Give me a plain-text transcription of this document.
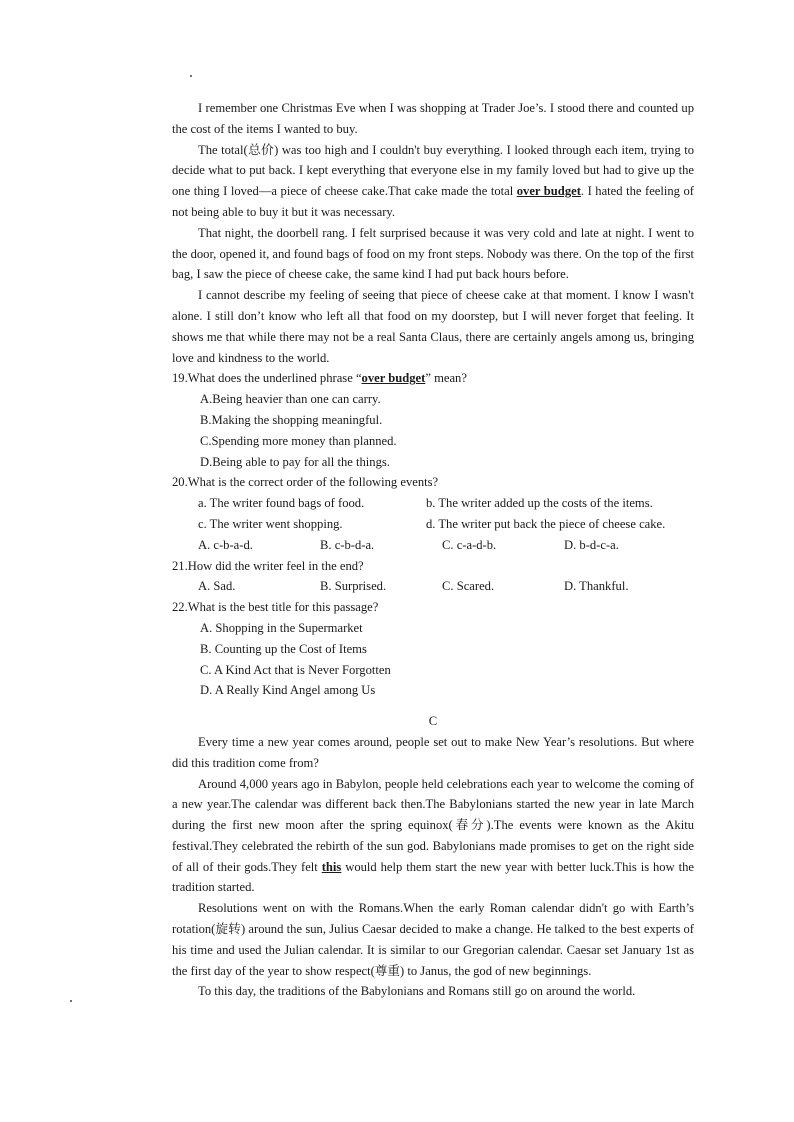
I remember one Christmas Eve when I was shopping at Trader Joe’s. I stood there and counted up the cost of the items I wanted to buy.

The total(总价) was too high and I couldn't buy everything. I looked through each item, trying to decide what to put back. I kept everything that everyone else in my family loved but had to give up the one thing I loved—a piece of cheese cake.That cake made the total over budget. I hated the feeling of not being able to buy it but it was necessary.

That night, the doorbell rang. I felt surprised because it was very cold and late at night. I went to the door, opened it, and found bags of food on my front steps. Nobody was there. On the top of the first bag, I saw the piece of cheese cake, the same kind I had put back hours before.

I cannot describe my feeling of seeing that piece of cheese cake at that moment. I know I wasn't alone. I still don’t know who left all that food on my doorstep, but I will never forget that feeling. It shows me that while there may not be a real Santa Claus, there are certainly angels among us, bringing love and kindness to the world.

19.What does the underlined phrase “over budget” mean?
A.Being heavier than one can carry.
B.Making the shopping meaningful.
C.Spending more money than planned.
D.Being able to pay for all the things.
20.What is the correct order of the following events?
a. The writer found bags of food.	b. The writer added up the costs of the items.
c. The writer went shopping.	d. The writer put back the piece of cheese cake.
A. c-b-a-d.	B. c-b-d-a.	C. c-a-d-b.	D. b-d-c-a.
21.How did the writer feel in the end?
A. Sad.	B. Surprised.	C. Scared.	D. Thankful.
22.What is the best title for this passage?
A. Shopping in the Supermarket
B. Counting up the Cost of Items
C. A Kind Act that is Never Forgotten
D. A Really Kind Angel among Us
C

Every time a new year comes around, people set out to make New Year’s resolutions. But where did this tradition come from?

Around 4,000 years ago in Babylon, people held celebrations each year to welcome the coming of a new year.The calendar was different back then.The Babylonians started the new year in late March during the first new moon after the spring equinox(春分).The events were known as the Akitu festival.They celebrated the rebirth of the sun god. Babylonians made promises to get on the right side of all of their gods.They felt this would help them start the new year with better luck.This is how the tradition started.

Resolutions went on with the Romans.When the early Roman calendar didn't go with Earth’s rotation(旋转) around the sun, Julius Caesar decided to make a change. He talked to the best experts of his time and used the Julian calendar. It is similar to our Gregorian calendar. Caesar set January 1st as the first day of the year to show respect(尊重) to Janus, the god of new beginnings.

To this day, the traditions of the Babylonians and Romans still go on around the world.
